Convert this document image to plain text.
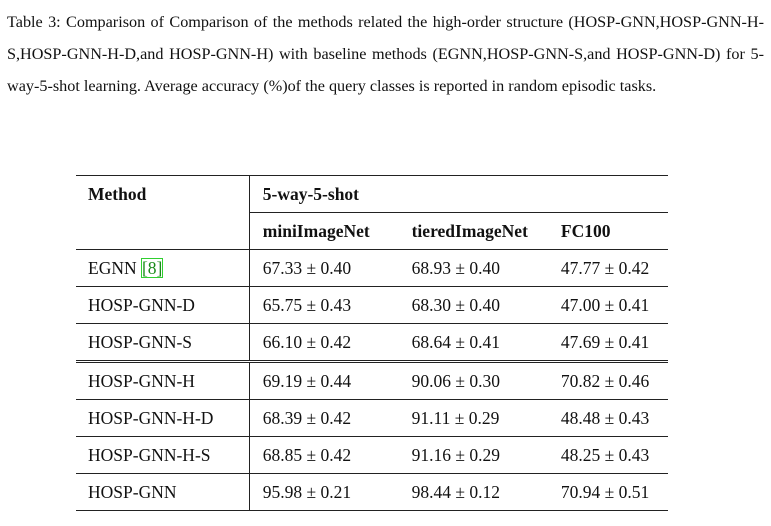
Table 3: Comparison of Comparison of the methods related the high-order structure (HOSP-GNN,HOSP-GNN-H-S,HOSP-GNN-H-D,and HOSP-GNN-H) with baseline methods (EGNN,HOSP-GNN-S,and HOSP-GNN-D) for 5-way-5-shot learning. Average accuracy (%)of the query classes is reported in random episodic tasks.
Method	5-way-5-shot		
	miniImageNet	tieredImageNet	FC100
EGNN [8]	67.33 ± 0.40	68.93 ± 0.40	47.77 ± 0.42
HOSP-GNN-D	65.75 ± 0.43	68.30 ± 0.40	47.00 ± 0.41
HOSP-GNN-S	66.10 ± 0.42	68.64 ± 0.41	47.69 ± 0.41
HOSP-GNN-H	69.19 ± 0.44	90.06 ± 0.30	70.82 ± 0.46
HOSP-GNN-H-D	68.39 ± 0.42	91.11 ± 0.29	48.48 ± 0.43
HOSP-GNN-H-S	68.85 ± 0.42	91.16 ± 0.29	48.25 ± 0.43
HOSP-GNN	95.98 ± 0.21	98.44 ± 0.12	70.94 ± 0.51
